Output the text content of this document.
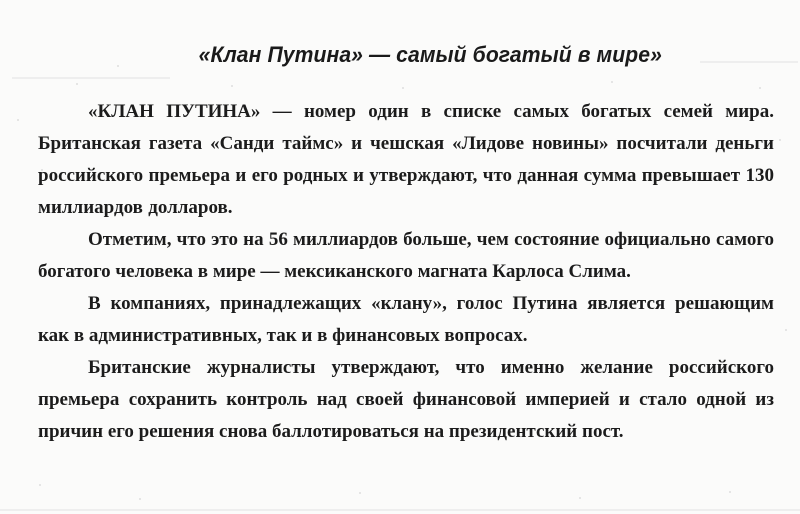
«Клан Путина» — самый богатый в мире»

«КЛАН ПУТИНА» — номер один в списке самых богатых семей мира. Британская газета «Санди таймс» и чешская «Лидове новины» посчитали деньги российского премьера и его родных и утверждают, что данная сумма превышает 130 миллиардов долларов.

Отметим, что это на 56 миллиардов больше, чем состояние официально самого богатого человека в мире — мексиканского магната Карлоса Слима.

В компаниях, принадлежащих «клану», голос Путина является решающим как в административных, так и в финансовых вопросах.

Британские журналисты утверждают, что именно желание российского премьера сохранить контроль над своей финансовой империей и стало одной из причин его решения снова баллотироваться на президентский пост.
